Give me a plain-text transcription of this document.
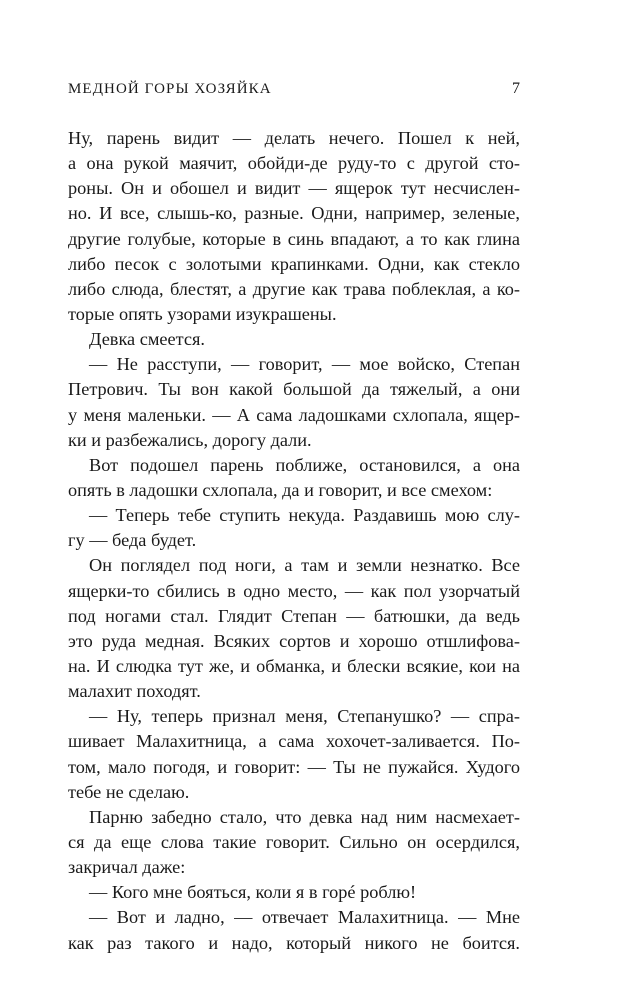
МЕДНОЙ ГОРЫ ХОЗЯЙКА	7
Ну, парень видит — делать нечего. Пошел к ней,
а она рукой маячит, обойди-де руду-то с другой сто-
роны. Он и обошел и видит — ящерок тут несчислен-
но. И все, слышь-ко, разные. Одни, например, зеленые,
другие голубые, которые в синь впадают, а то как глина
либо песок с золотыми крапинками. Одни, как стекло
либо слюда, блестят, а другие как трава поблеклая, а ко-
торые опять узорами изукрашены.
Девка смеется.
— Не расступи, — говорит, — мое войско, Степан
Петрович. Ты вон какой большой да тяжелый, а они
у меня маленьки. — А сама ладошками схлопала, ящер-
ки и разбежались, дорогу дали.
Вот подошел парень поближе, остановился, а она
опять в ладошки схлопала, да и говорит, и все смехом:
— Теперь тебе ступить некуда. Раздавишь мою слу-
гу — беда будет.
Он поглядел под ноги, а там и земли незнатко. Все
ящерки-то сбились в одно место, — как пол узорчатый
под ногами стал. Глядит Степан — батюшки, да ведь
это руда медная. Всяких сортов и хорошо отшлифова-
на. И слюдка тут же, и обманка, и блески всякие, кои на
малахит походят.
— Ну, теперь признал меня, Степанушко? — спра-
шивает Малахитница, а сама хохочет-заливается. По-
том, мало погодя, и говорит: — Ты не пужайся. Худого
тебе не сделаю.
Парню забедно стало, что девка над ним насмехает-
ся да еще слова такие говорит. Сильно он осердился,
закричал даже:
— Кого мне бояться, коли я в горé роблю!
— Вот и ладно, — отвечает Малахитница. — Мне
как раз такого и надо, который никого не боится.
